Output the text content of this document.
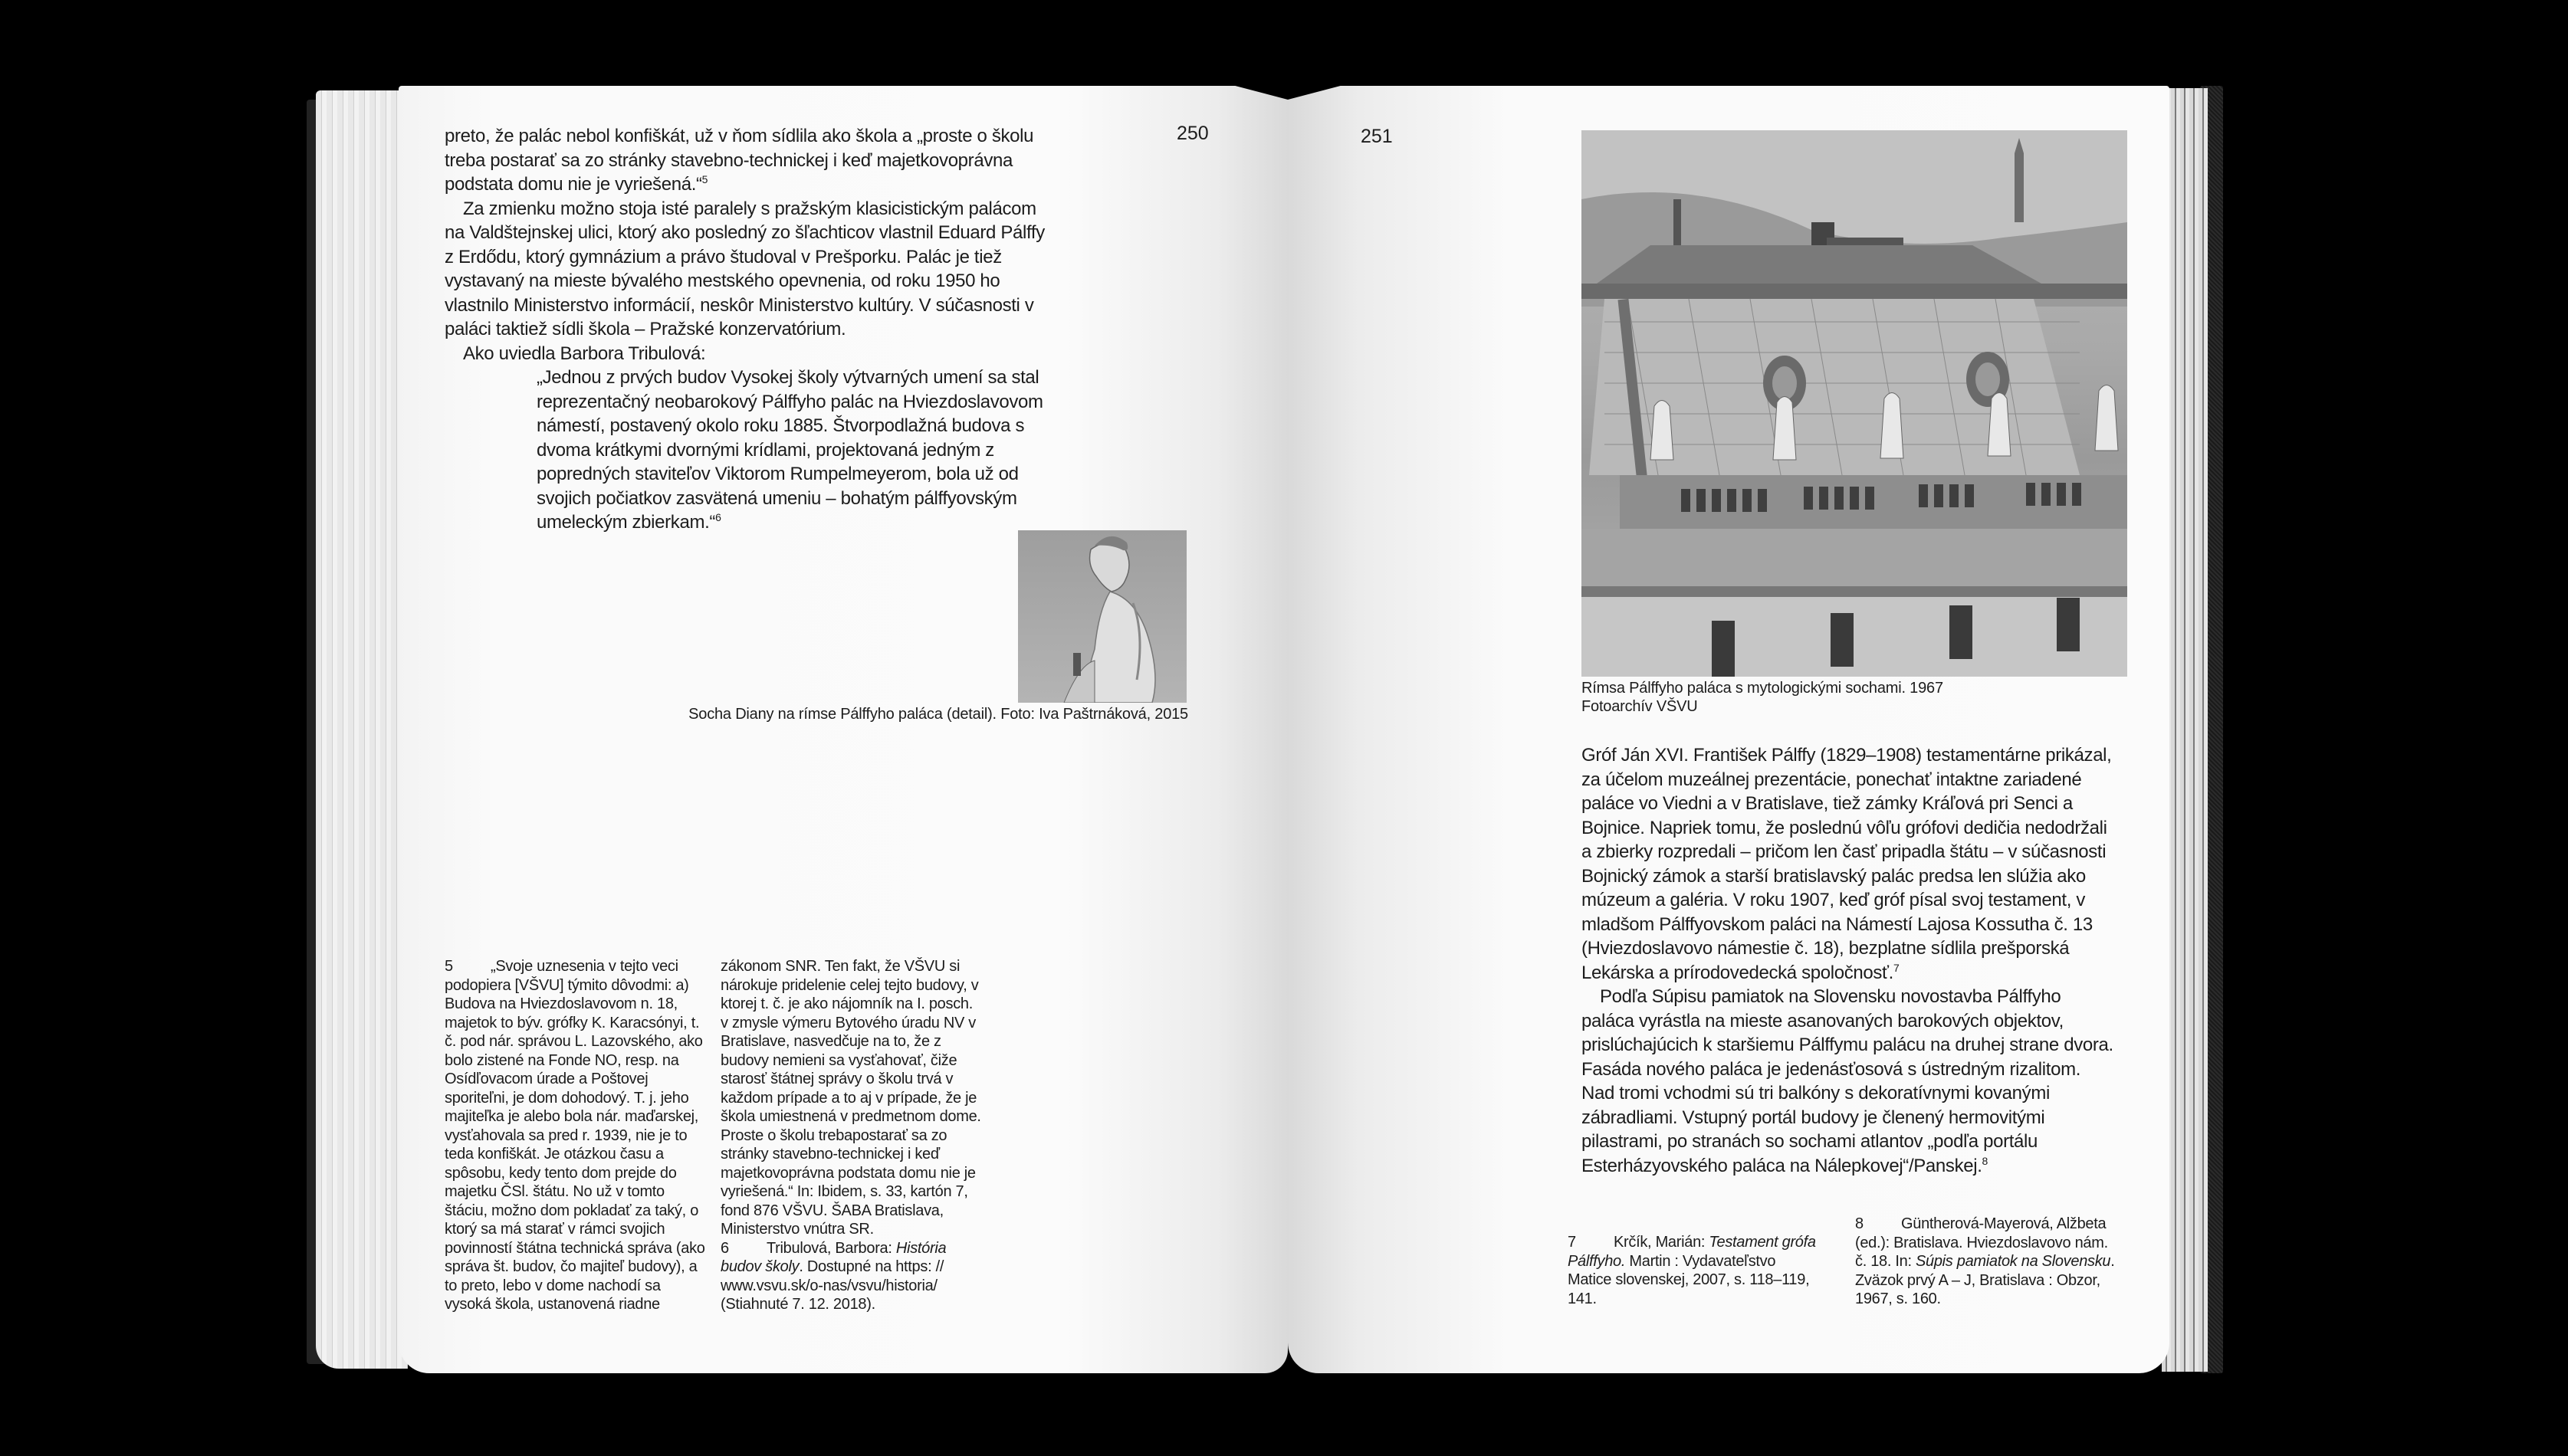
250

preto, že palác nebol konfiškát, už v ňom sídlila ako škola a „proste o školu treba postarať sa zo stránky stavebno-technickej i keď majetkovoprávna podstata domu nie je vyriešená.“$^5$

Za zmienku možno stoja isté paralely s pražským klasicistickým palácom na Valdštejnskej ulici, ktorý ako posledný zo šľachticov vlastnil Eduard Pálffy z Erdődu, ktorý gymnázium a právo študoval v Prešporku. Palác je tiež vystavaný na mieste bývalého mestského opevnenia, od roku 1950 ho vlastnilo Ministerstvo informácií, neskôr Ministerstvo kultúry. V súčasnosti v paláci taktiež sídli škola – Pražské konzervatórium.

Ako uviedla Barbora Tribulová:

„Jednou z prvých budov Vysokej školy výtvarných umení sa stal reprezentačný neobarokový Pálffyho palác na Hviezdoslavovom námestí, postavený okolo roku 1885. Štvorpodlažná budova s dvoma krátkymi dvornými krídlami, projektovaná jedným z popredných staviteľov Viktorom Rumpelmeyerom, bola už od svojich počiatkov zasvätená umeniu – bohatým pálffyovským umeleckým zbierkam.“$^6$

Socha Diany na rímse Pálffyho paláca (detail). Foto: Iva Paštrnáková, 2015

5 „Svoje uznesenia v tejto veci podopiera [VŠVU] týmito dôvodmi: a) Budova na Hviezdoslavovom n. 18, majetok to býv. grófky K. Karacsónyi, t. č. pod nár. správou L. Lazovského, ako bolo zistené na Fonde NO, resp. na Osídľovacom úrade a Poštovej sporiteľni, je dom dohodový. T. j. jeho majiteľka je alebo bola nár. maďarskej, vysťahovala sa pred r. 1939, nie je to teda konfiškát. Je otázkou času a spôsobu, kedy tento dom prejde do majetku ČSl. štátu. No už v tomto štáciu, možno dom pokladať za taký, o ktorý sa má starať v rámci svojich povinností štátna technická správa (ako správa št. budov, čo majiteľ budovy), a to preto, lebo v dome nachodí sa vysoká škola, ustanovená riadne

zákonom SNR. Ten fakt, že VŠVU si nárokuje pridelenie celej tejto budovy, v ktorej t. č. je ako nájomník na I. posch. v zmysle výmeru Bytového úradu NV v Bratislave, nasvedčuje na to, že z budovy nemieni sa vysťahovať, čiže starosť štátnej správy o školu trvá v každom prípade a to aj v prípade, že je škola umiestnená v predmetnom dome. Proste o školu trebapostarať sa zo stránky stavebno-technickej i keď majetkovoprávna podstata domu nie je vyriešená.“ In: Ibidem, s. 33, kartón 7, fond 876 VŠVU. ŠABA Bratislava, Ministerstvo vnútra SR.

6 Tribulová, Barbora: História budov školy. Dostupné na https: // www.vsvu.sk/o-nas/vsvu/historia/ (Stiahnuté 7. 12. 2018).

251
Rímsa Pálffyho paláca s mytologickými sochami. 1967
Fotoarchív VŠVU

Gróf Ján XVI. František Pálffy (1829–1908) testamentárne prikázal, za účelom muzeálnej prezentácie, ponechať intaktne zariadené paláce vo Viedni a v Bratislave, tiež zámky Kráľová pri Senci a Bojnice. Napriek tomu, že poslednú vôľu grófovi dedičia nedodržali a zbierky rozpredali – pričom len časť pripadla štátu – v súčasnosti Bojnický zámok a starší bratislavský palác predsa len slúžia ako múzeum a galéria. V roku 1907, keď gróf písal svoj testament, v mladšom Pálffyovskom paláci na Námestí Lajosa Kossutha č. 13 (Hviezdoslavovo námestie č. 18), bezplatne sídlila prešporská Lekárska a prírodovedecká spoločnosť.$^7$

Podľa Súpisu pamiatok na Slovensku novostavba Pálffyho paláca vyrástla na mieste asanovaných barokových objektov, prislúchajúcich k staršiemu Pálffymu palácu na druhej strane dvora. Fasáda nového paláca je jedenásťosová s ústredným rizalitom. Nad tromi vchodmi sú tri balkóny s dekoratívnymi kovanými zábradliami. Vstupný portál budovy je členený hermovitými pilastrami, po stranách so sochami atlantov „podľa portálu Esterházyovského paláca na Nálepkovej“/Panskej.$^8$

7 Krčík, Marián: Testament grófa Pálffyho. Martin : Vydavateľstvo Matice slovenskej, 2007, s. 118–119, 141.

8 Güntherová-Mayerová, Alžbeta (ed.): Bratislava. Hviezdoslavovo nám. č. 18. In: Súpis pamiatok na Slovensku. Zväzok prvý A – J, Bratislava : Obzor, 1967, s. 160.
